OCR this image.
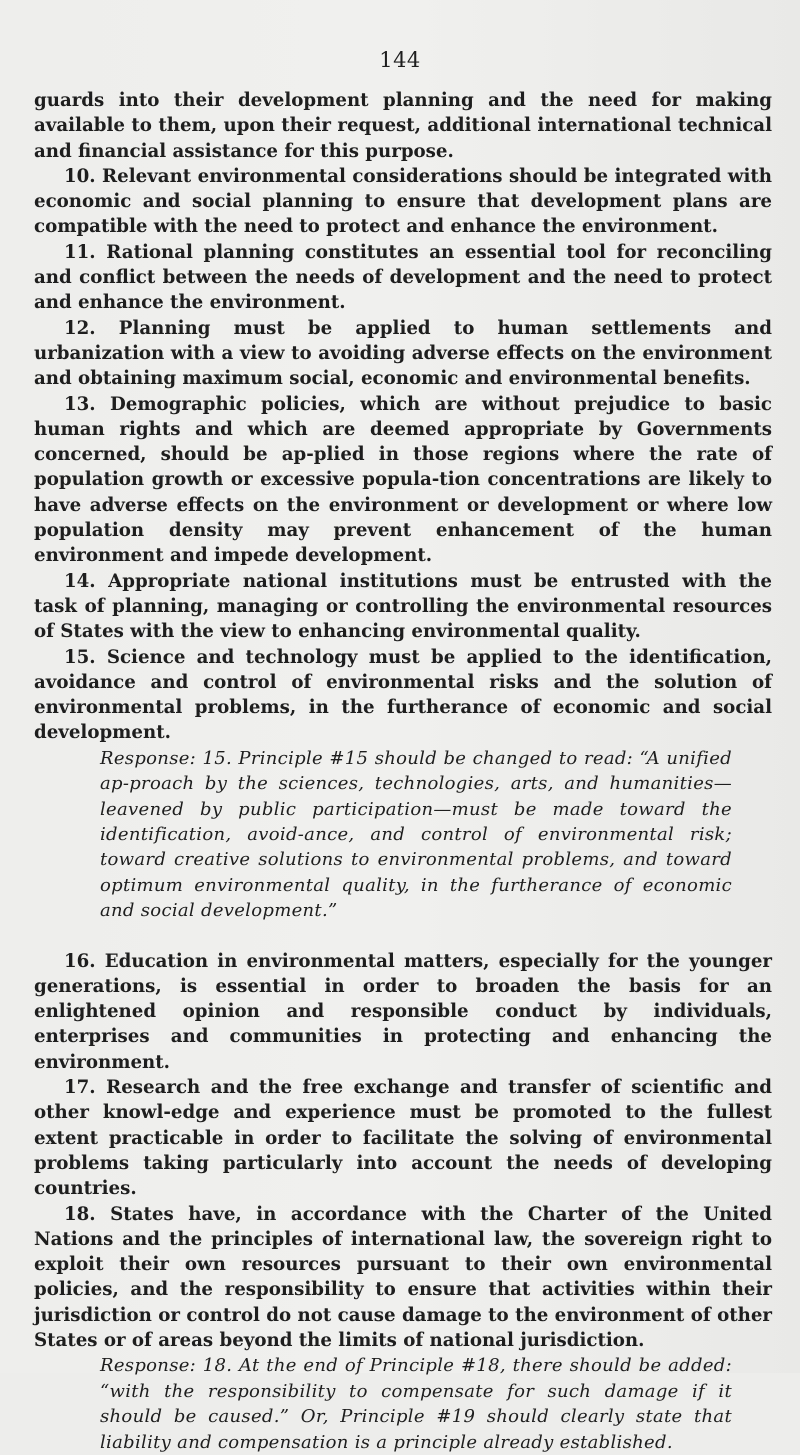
144

guards into their development planning and the need for making available to them, upon their request, additional international technical and financial assistance for this purpose.

10. Relevant environmental considerations should be integrated with economic and social planning to ensure that development plans are compatible with the need to protect and enhance the environment.

11. Rational planning constitutes an essential tool for reconciling and conflict between the needs of development and the need to protect and enhance the environment.

12. Planning must be applied to human settlements and urbanization with a view to avoiding adverse effects on the environment and obtaining maximum social, economic and environmental benefits.

13. Demographic policies, which are without prejudice to basic human rights and which are deemed appropriate by Governments concerned, should be ap-plied in those regions where the rate of population growth or excessive popula-tion concentrations are likely to have adverse effects on the environment or development or where low population density may prevent enhancement of the human environment and impede development.

14. Appropriate national institutions must be entrusted with the task of planning, managing or controlling the environmental resources of States with the view to enhancing environmental quality.

15. Science and technology must be applied to the identification, avoidance and control of environmental risks and the solution of environmental problems, in the furtherance of economic and social development.

Response: 15. Principle #15 should be changed to read: “A unified ap-proach by the sciences, technologies, arts, and humanities—leavened by public participation—must be made toward the identification, avoid-ance, and control of environmental risk; toward creative solutions to environmental problems, and toward optimum environmental quality, in the furtherance of economic and social development.”

16. Education in environmental matters, especially for the younger generations, is essential in order to broaden the basis for an enlightened opinion and responsible conduct by individuals, enterprises and communities in protecting and enhancing the environment.

17. Research and the free exchange and transfer of scientific and other knowl-edge and experience must be promoted to the fullest extent practicable in order to facilitate the solving of environmental problems taking particularly into account the needs of developing countries.

18. States have, in accordance with the Charter of the United Nations and the principles of international law, the sovereign right to exploit their own resources pursuant to their own environmental policies, and the responsibility to ensure that activities within their jurisdiction or control do not cause damage to the environment of other States or of areas beyond the limits of national jurisdiction.

Response: 18. At the end of Principle #18, there should be added: “with the responsibility to compensate for such damage if it should be caused.” Or, Principle #19 should clearly state that liability and compensation is a principle already established.
